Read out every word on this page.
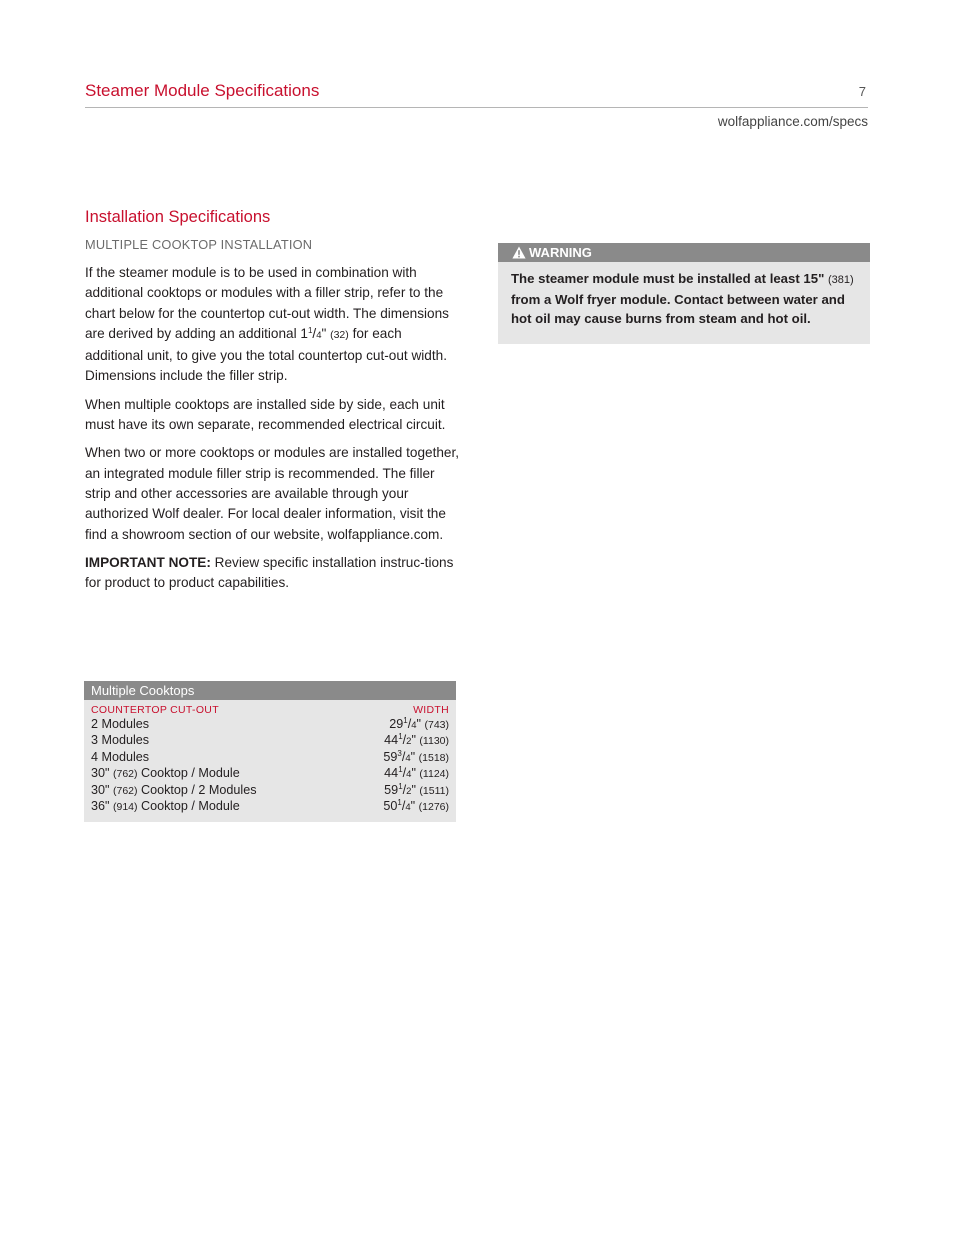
Steamer Module Specifications	7
wolfappliance.com/specs
Installation Specifications
MULTIPLE COOKTOP INSTALLATION

If the steamer module is to be used in combination with additional cooktops or modules with a filler strip, refer to the chart below for the countertop cut-out width. The dimensions are derived by adding an additional $1^1/4$" (32) for each additional unit, to give you the total countertop cut-out width. Dimensions include the filler strip.

When multiple cooktops are installed side by side, each unit must have its own separate, recommended electrical circuit.

When two or more cooktops or modules are installed together, an integrated module filler strip is recommended. The filler strip and other accessories are available through your authorized Wolf dealer. For local dealer information, visit the find a showroom section of our website, wolfappliance.com.

IMPORTANT NOTE: Review specific installation instruc-tions for product to product capabilities.

WARNING
The steamer module must be installed at least 15" (381) from a Wolf fryer module. Contact between water and hot oil may cause burns from steam and hot oil.
Multiple Cooktops
COUNTERTOP CUT-OUT	WIDTH
2 Modules	$29^1/4$" (743)
3 Modules	$44^1/2$" (1130)
4 Modules	$59^3/4$" (1518)
30" (762) Cooktop / Module	$44^1/4$" (1124)
30" (762) Cooktop / 2 Modules	$59^1/2$" (1511)
36" (914) Cooktop / Module	$50^1/4$" (1276)
